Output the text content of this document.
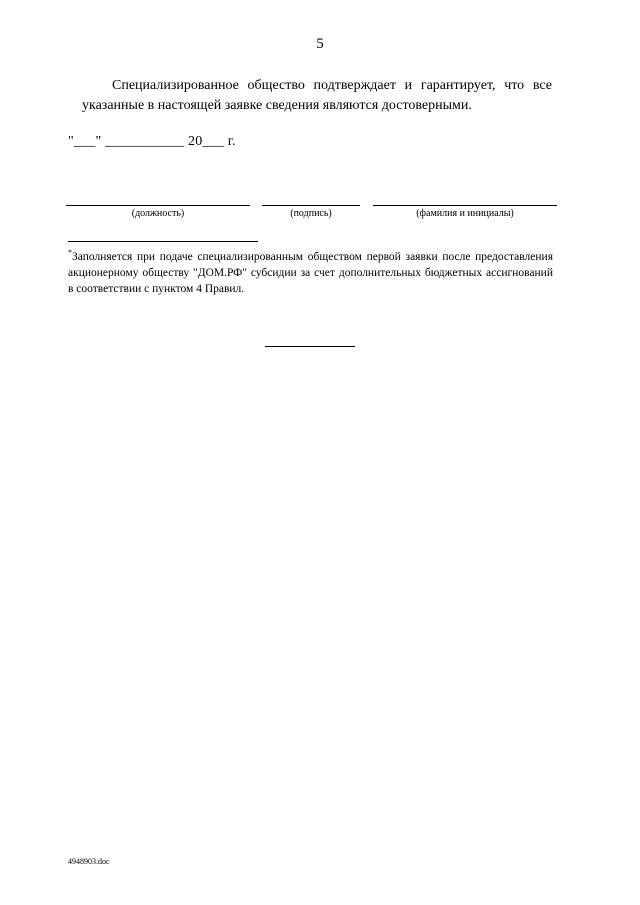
5
Специализированное общество подтверждает и гарантирует, что все указанные в настоящей заявке сведения являются достоверными.
"___" ___________ 20___ г.
(должность)	(подпись)	(фамилия и инициалы)
*Заполняется при подаче специализированным обществом первой заявки после предоставления акционерному обществу "ДОМ.РФ" субсидии за счет дополнительных бюджетных ассигнований в соответствии с пунктом 4 Правил.
4948903.doc
